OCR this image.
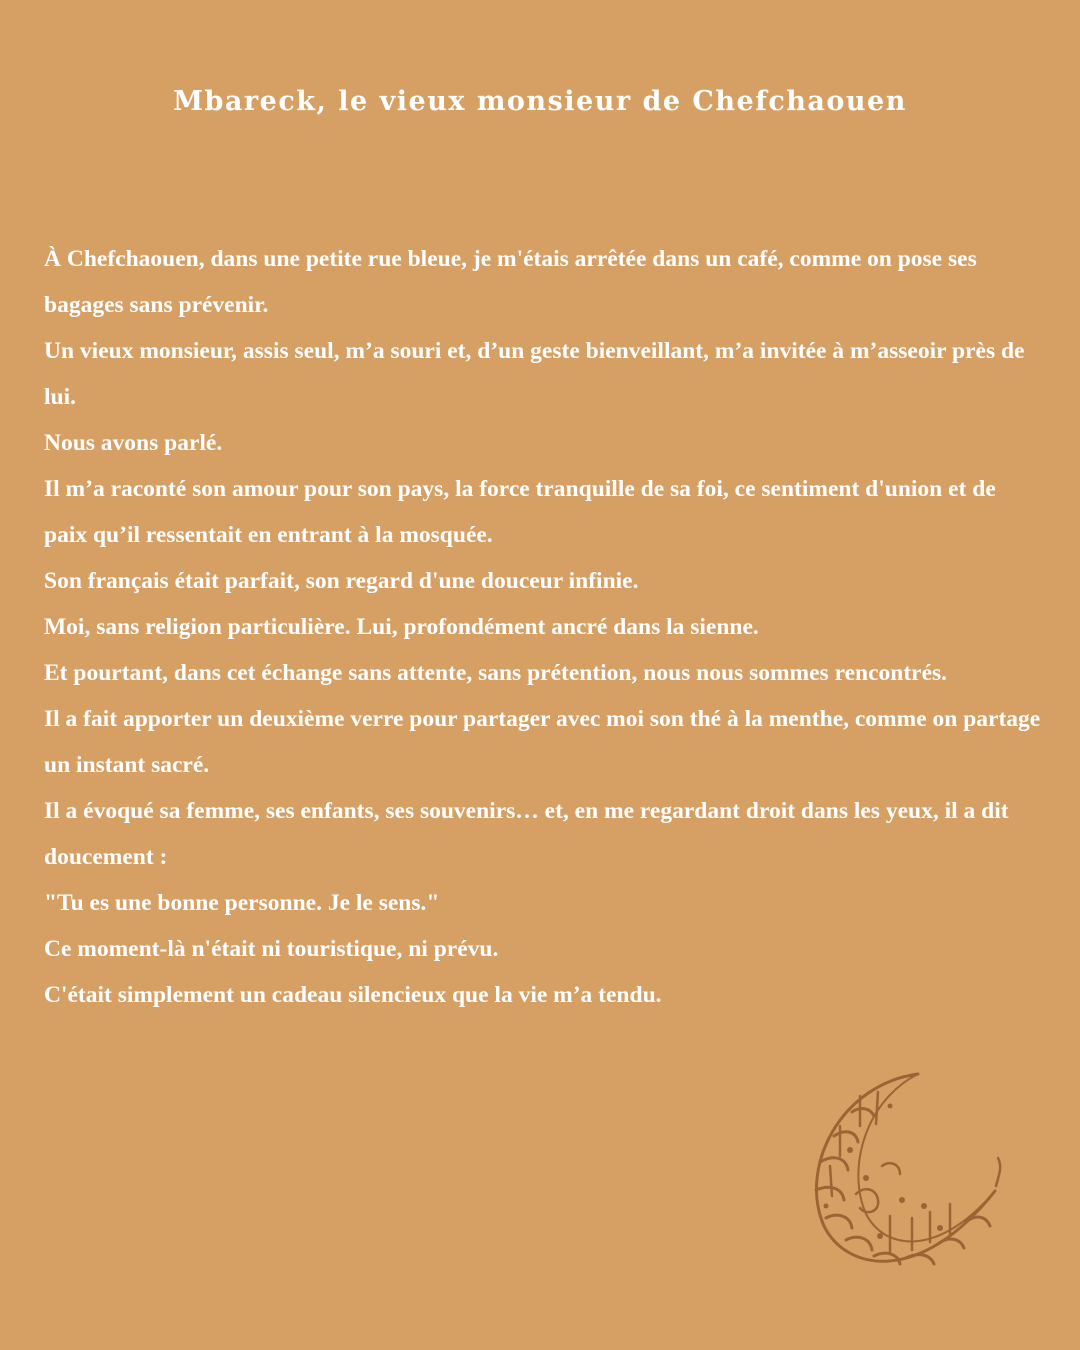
Mbareck, le vieux monsieur de Chefchaouen

À Chefchaouen, dans une petite rue bleue, je m'étais arrêtée dans un café, comme on pose ses bagages sans prévenir.

Un vieux monsieur, assis seul, m’a souri et, d’un geste bienveillant, m’a invitée à m’asseoir près de lui.

Nous avons parlé.

Il m’a raconté son amour pour son pays, la force tranquille de sa foi, ce sentiment d'union et de paix qu’il ressentait en entrant à la mosquée.

Son français était parfait, son regard d'une douceur infinie.

Moi, sans religion particulière. Lui, profondément ancré dans la sienne.

Et pourtant, dans cet échange sans attente, sans prétention, nous nous sommes rencontrés.

Il a fait apporter un deuxième verre pour partager avec moi son thé à la menthe, comme on partage un instant sacré.

Il a évoqué sa femme, ses enfants, ses souvenirs… et, en me regardant droit dans les yeux, il a dit doucement :

"Tu es une bonne personne. Je le sens."

Ce moment-là n'était ni touristique, ni prévu.

C'était simplement un cadeau silencieux que la vie m’a tendu.
